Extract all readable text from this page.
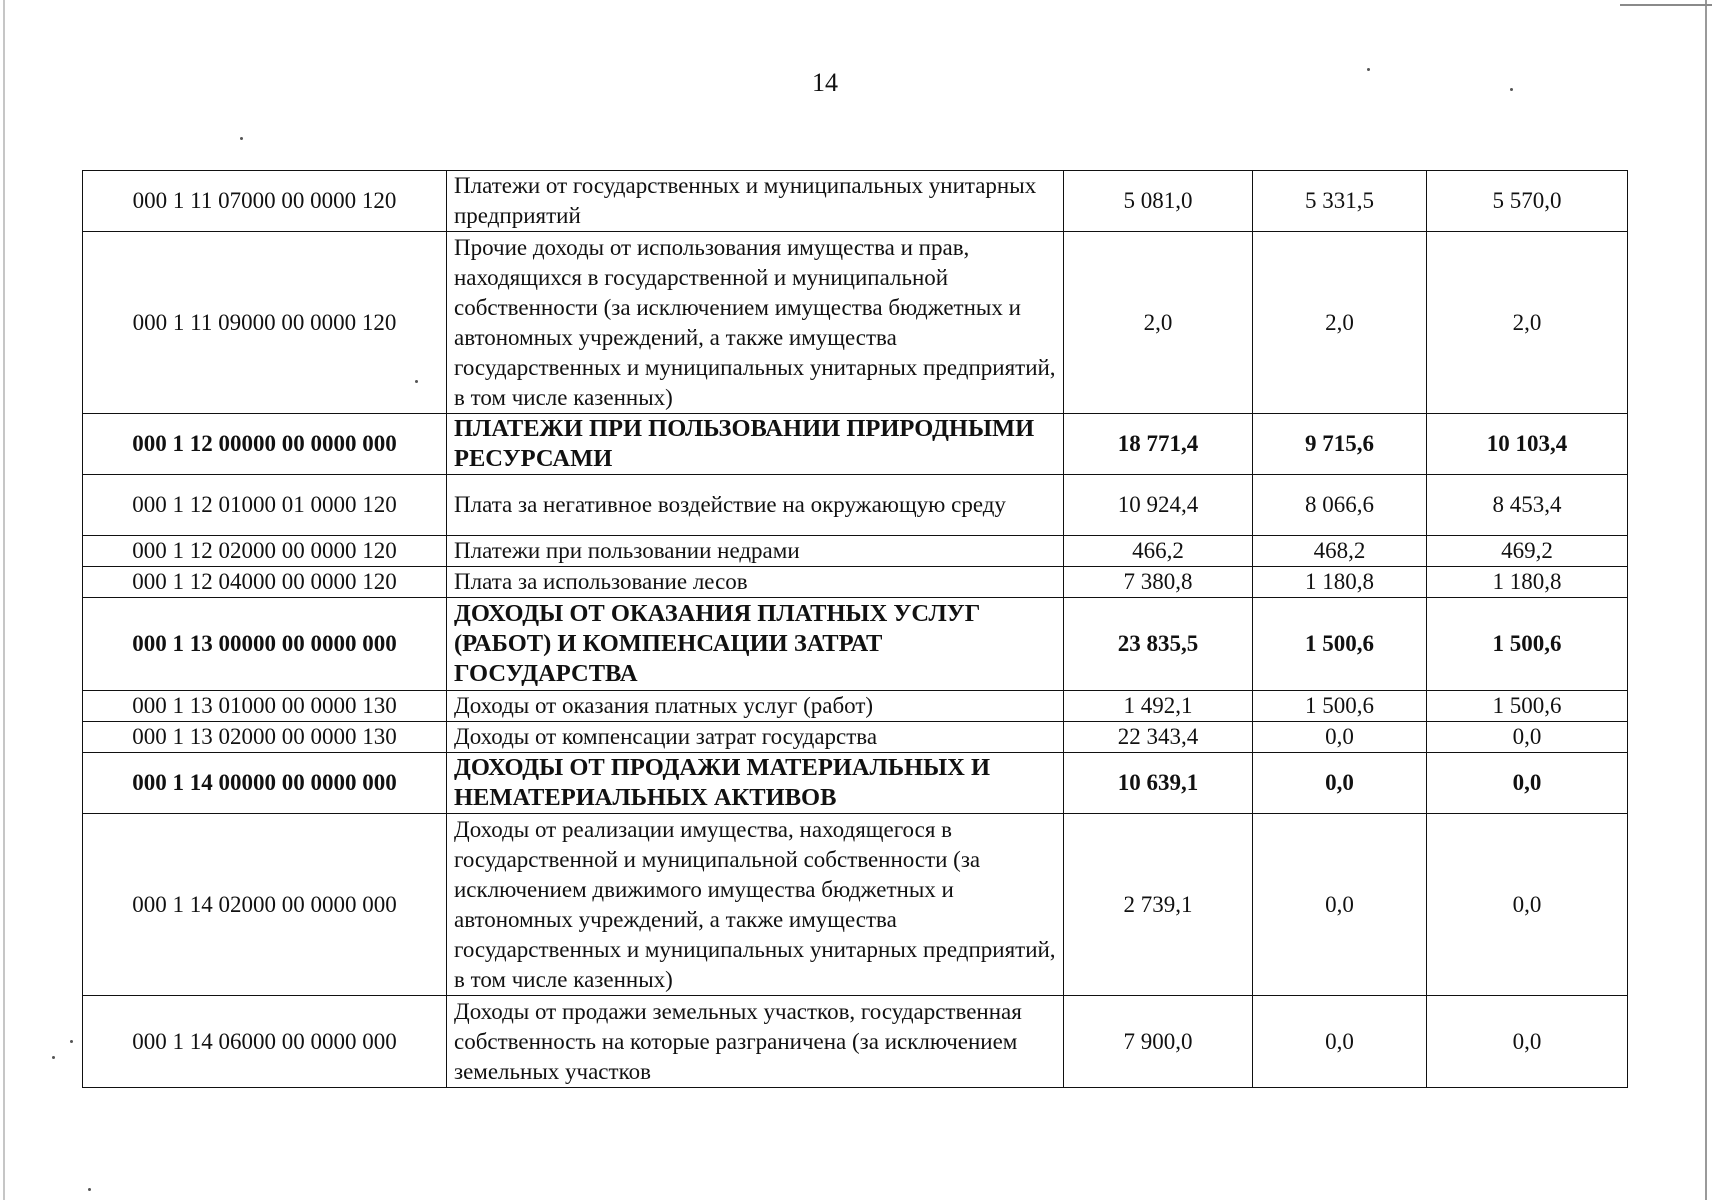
14
000 1 11 07000 00 0000 120	Платежи от государственных и муниципальных унитарных предприятий	5 081,0	5 331,5	5 570,0
000 1 11 09000 00 0000 120	Прочие доходы от использования имущества и прав, находящихся в государственной и муниципальной собственности (за исключением имущества бюджетных и автономных учреждений, а также имущества государственных и муниципальных унитарных предприятий, в том числе казенных)	2,0	2,0	2,0
000 1 12 00000 00 0000 000	ПЛАТЕЖИ ПРИ ПОЛЬЗОВАНИИ ПРИРОДНЫМИ РЕСУРСАМИ	18 771,4	9 715,6	10 103,4
000 1 12 01000 01 0000 120	Плата за негативное воздействие на окружающую среду	10 924,4	8 066,6	8 453,4
000 1 12 02000 00 0000 120	Платежи при пользовании недрами	466,2	468,2	469,2
000 1 12 04000 00 0000 120	Плата за использование лесов	7 380,8	1 180,8	1 180,8
000 1 13 00000 00 0000 000	ДОХОДЫ ОТ ОКАЗАНИЯ ПЛАТНЫХ УСЛУГ (РАБОТ) И КОМПЕНСАЦИИ ЗАТРАТ ГОСУДАРСТВА	23 835,5	1 500,6	1 500,6
000 1 13 01000 00 0000 130	Доходы от оказания платных услуг (работ)	1 492,1	1 500,6	1 500,6
000 1 13 02000 00 0000 130	Доходы от компенсации затрат государства	22 343,4	0,0	0,0
000 1 14 00000 00 0000 000	ДОХОДЫ ОТ ПРОДАЖИ МАТЕРИАЛЬНЫХ И НЕМАТЕРИАЛЬНЫХ АКТИВОВ	10 639,1	0,0	0,0
000 1 14 02000 00 0000 000	Доходы от реализации имущества, находящегося в государственной и муниципальной собственности (за исключением движимого имущества бюджетных и автономных учреждений, а также имущества государственных и муниципальных унитарных предприятий, в том числе казенных)	2 739,1	0,0	0,0
000 1 14 06000 00 0000 000	Доходы от продажи земельных участков, государственная собственность на которые разграничена (за исключением земельных участков	7 900,0	0,0	0,0
